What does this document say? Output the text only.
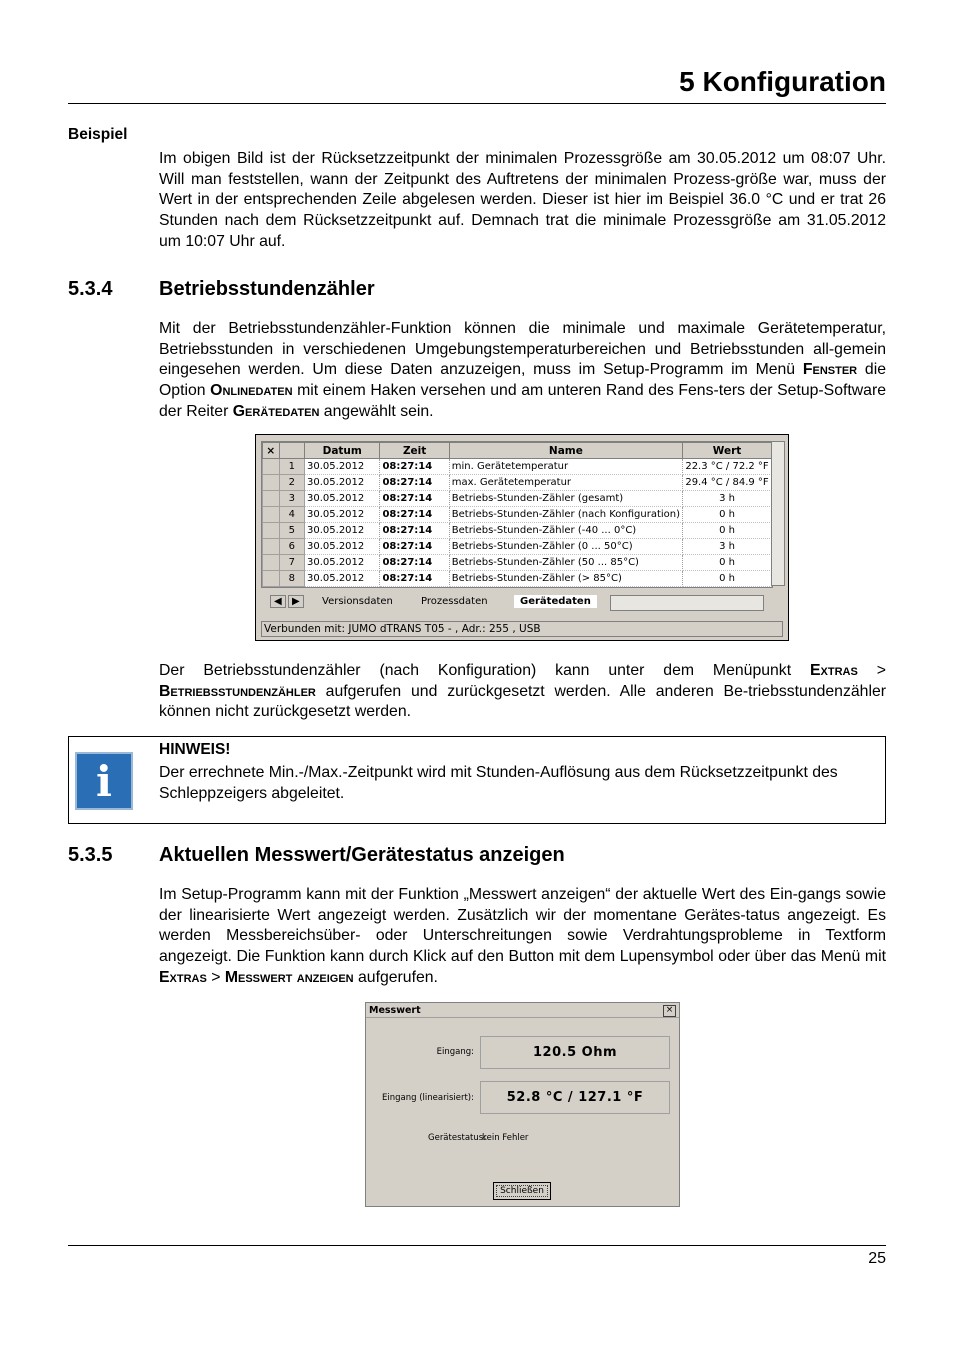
5 Konfiguration
Beispiel
Im obigen Bild ist der Rücksetzzeitpunkt der minimalen Prozessgröße am 30.05.2012 um 08:07 Uhr. Will man feststellen, wann der Zeitpunkt des Auftretens der minimalen Prozess-größe war, muss der Wert in der entsprechenden Zeile abgelesen werden. Dieser ist hier im Beispiel 36.0 °C und er trat 26 Stunden nach dem Rücksetzzeitpunkt auf. Demnach trat die minimale Prozessgröße am 31.05.2012 um 10:07 Uhr auf.
5.3.4 Betriebsstundenzähler
Mit der Betriebsstundenzähler-Funktion können die minimale und maximale Gerätetemperatur, Betriebsstunden in verschiedenen Umgebungstemperaturbereichen und Betriebsstunden all-gemein eingesehen werden. Um diese Daten anzuzeigen, muss im Setup-Programm im Menü Fenster die Option Onlinedaten mit einem Haken versehen und am unteren Rand des Fens-ters der Setup-Software der Reiter Gerätedaten angewählt sein.
×		Datum	Zeit	Name	Wert
	1	30.05.2012	08:27:14	min. Gerätetemperatur	22.3 °C / 72.2 °F
	2	30.05.2012	08:27:14	max. Gerätetemperatur	29.4 °C / 84.9 °F
	3	30.05.2012	08:27:14	Betriebs-Stunden-Zähler (gesamt)	3 h
	4	30.05.2012	08:27:14	Betriebs-Stunden-Zähler (nach Konfiguration)	0 h
	5	30.05.2012	08:27:14	Betriebs-Stunden-Zähler (-40 ... 0°C)	0 h
	6	30.05.2012	08:27:14	Betriebs-Stunden-Zähler (0 ... 50°C)	3 h
	7	30.05.2012	08:27:14	Betriebs-Stunden-Zähler (50 ... 85°C)	0 h
	8	30.05.2012	08:27:14	Betriebs-Stunden-Zähler (> 85°C)	0 h
◀	▶	Versionsdaten	Prozessdaten	Gerätedaten
Verbunden mit: JUMO dTRANS T05 - , Adr.: 255 , USB
Der Betriebsstundenzähler (nach Konfiguration) kann unter dem Menüpunkt Extras > Betriebsstundenzähler aufgerufen und zurückgesetzt werden. Alle anderen Be-triebsstundenzähler können nicht zurückgesetzt werden.
i
HINWEIS!
Der errechnete Min.-/Max.-Zeitpunkt wird mit Stunden-Auflösung aus dem Rücksetzzeitpunkt des Schleppzeigers abgeleitet.
5.3.5 Aktuellen Messwert/Gerätestatus anzeigen
Im Setup-Programm kann mit der Funktion „Messwert anzeigen“ der aktuelle Wert des Ein-gangs sowie der linearisierte Wert angezeigt werden. Zusätzlich wir der momentane Gerätes-tatus angezeigt. Es werden Messbereichsüber- oder Unterschreitungen sowie Verdrahtungsprobleme in Textform angezeigt. Die Funktion kann durch Klick auf den Button mit dem Lupensymbol oder über das Menü mit Extras > Messwert anzeigen aufgerufen.
Messwert	×
Eingang:	120.5 Ohm
Eingang (linearisiert):	52.8 °C / 127.1 °F
Gerätestatus:
kein Fehler
Schließen
25
